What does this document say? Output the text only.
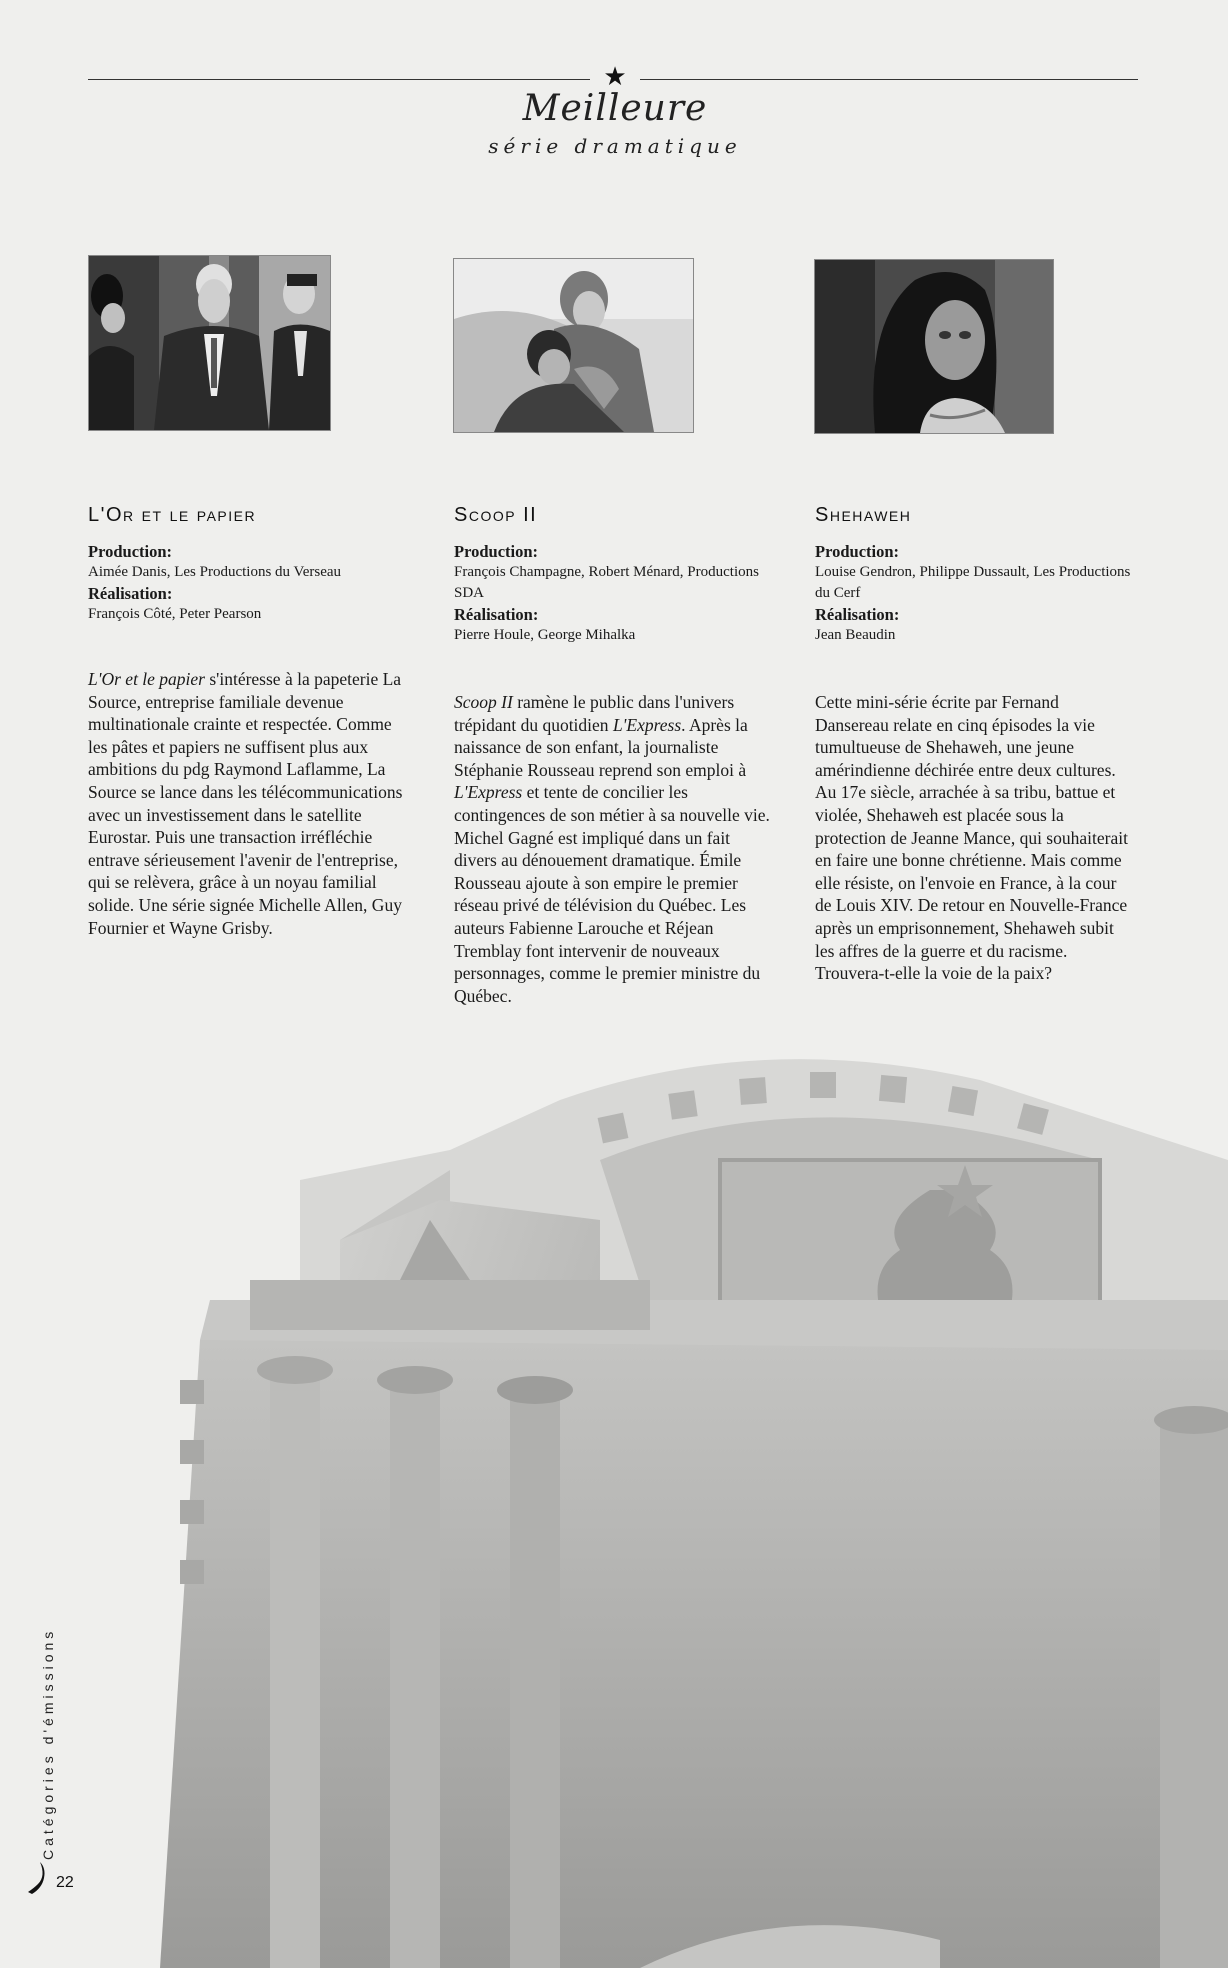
★
Meilleure
série dramatique
L'Or et le papier
Production:
Aimée Danis, Les Productions du Verseau
Réalisation:
François Côté, Peter Pearson
L'Or et le papier s'intéresse à la papeterie La Source, entreprise familiale devenue multinationale crainte et respectée. Comme les pâtes et papiers ne suffisent plus aux ambitions du pdg Raymond Laflamme, La Source se lance dans les télécommunications avec un investissement dans le satellite Eurostar. Puis une transaction irréfléchie entrave sérieusement l'avenir de l'entreprise, qui se relèvera, grâce à un noyau familial solide. Une série signée Michelle Allen, Guy Fournier et Wayne Grisby.
Scoop II
Production:
François Champagne, Robert Ménard, Productions SDA
Réalisation:
Pierre Houle, George Mihalka
Scoop II ramène le public dans l'univers trépidant du quotidien L'Express. Après la naissance de son enfant, la journaliste Stéphanie Rousseau reprend son emploi à L'Express et tente de concilier les contingences de son métier à sa nouvelle vie. Michel Gagné est impliqué dans un fait divers au dénouement dramatique. Émile Rousseau ajoute à son empire le premier réseau privé de télévision du Québec. Les auteurs Fabienne Larouche et Réjean Tremblay font intervenir de nouveaux personnages, comme le premier ministre du Québec.
Shehaweh
Production:
Louise Gendron, Philippe Dussault, Les Productions du Cerf
Réalisation:
Jean Beaudin
Cette mini-série écrite par Fernand Dansereau relate en cinq épisodes la vie tumultueuse de Shehaweh, une jeune amérindienne déchirée entre deux cultures. Au 17e siècle, arrachée à sa tribu, battue et violée, Shehaweh est placée sous la protection de Jeanne Mance, qui souhaiterait en faire une bonne chrétienne. Mais comme elle résiste, on l'envoie en France, à la cour de Louis XIV. De retour en Nouvelle-France après un emprisonnement, Shehaweh subit les affres de la guerre et du racisme. Trouvera-t-elle la voie de la paix?
Catégories d'émissions
22
